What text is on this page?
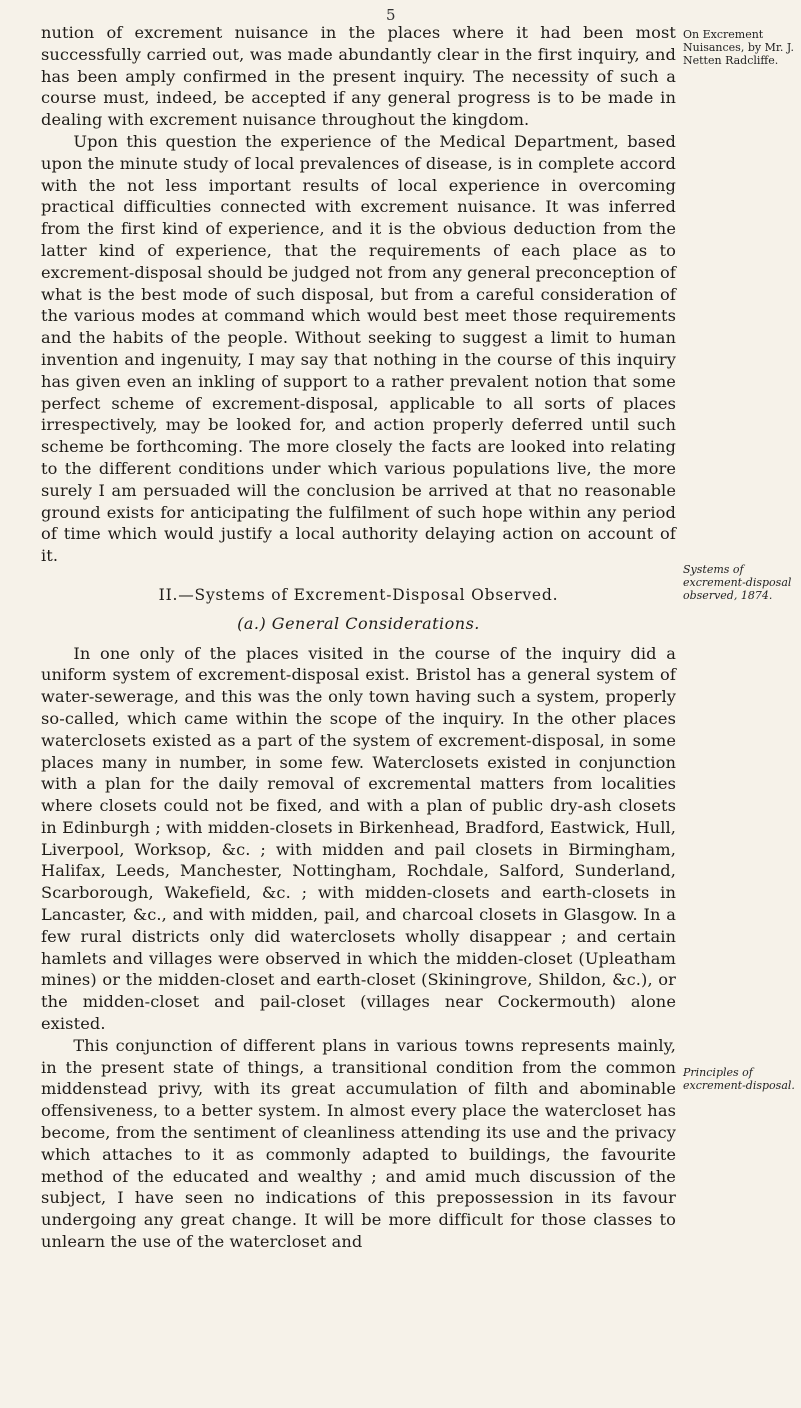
5

nution of excrement nuisance in the places where it had been most successfully carried out, was made abundantly clear in the first inquiry, and has been amply confirmed in the present inquiry. The necessity of such a course must, indeed, be accepted if any general progress is to be made in dealing with excrement nuisance throughout the kingdom.

Upon this question the experience of the Medical Department, based upon the minute study of local prevalences of disease, is in complete accord with the not less important results of local experience in overcoming practical difficulties connected with excrement nuisance. It was inferred from the first kind of experience, and it is the obvious deduction from the latter kind of experience, that the requirements of each place as to excrement-disposal should be judged not from any general preconception of what is the best mode of such disposal, but from a careful consideration of the various modes at command which would best meet those requirements and the habits of the people. Without seeking to suggest a limit to human invention and ingenuity, I may say that nothing in the course of this inquiry has given even an inkling of support to a rather prevalent notion that some perfect scheme of excrement-disposal, applicable to all sorts of places irrespectively, may be looked for, and action properly deferred until such scheme be forthcoming. The more closely the facts are looked into relating to the different conditions under which various populations live, the more surely I am persuaded will the conclusion be arrived at that no reasonable ground exists for anticipating the fulfilment of such hope within any period of time which would justify a local authority delaying action on account of it.

II.—Systems of Excrement-Disposal Observed.
(a.) General Considerations.

In one only of the places visited in the course of the inquiry did a uniform system of excrement-disposal exist. Bristol has a general system of water-sewerage, and this was the only town having such a system, properly so-called, which came within the scope of the inquiry. In the other places waterclosets existed as a part of the system of excrement-disposal, in some places many in number, in some few. Waterclosets existed in conjunction with a plan for the daily removal of excremental matters from localities where closets could not be fixed, and with a plan of public dry-ash closets in Edinburgh ; with midden-closets in Birkenhead, Bradford, Eastwick, Hull, Liverpool, Worksop, &c. ; with midden and pail closets in Birmingham, Halifax, Leeds, Manchester, Nottingham, Rochdale, Salford, Sunderland, Scarborough, Wakefield, &c. ; with midden-closets and earth-closets in Lancaster, &c., and with midden, pail, and charcoal closets in Glasgow. In a few rural districts only did waterclosets wholly disappear ; and certain hamlets and villages were observed in which the midden-closet (Upleatham mines) or the midden-closet and earth-closet (Skiningrove, Shildon, &c.), or the midden-closet and pail-closet (villages near Cockermouth) alone existed.

This conjunction of different plans in various towns represents mainly, in the present state of things, a transitional condition from the common middenstead privy, with its great accumulation of filth and abominable offensiveness, to a better system. In almost every place the watercloset has become, from the sentiment of cleanliness attending its use and the privacy which attaches to it as commonly adapted to buildings, the favourite method of the educated and wealthy ; and amid much discussion of the subject, I have seen no indications of this prepossession in its favour undergoing any great change. It will be more difficult for those classes to unlearn the use of the watercloset and

On Excrement Nuisances, by Mr. J. Netten Radcliffe.
Systems of excrement-disposal observed, 1874.
Principles of excrement-disposal.
